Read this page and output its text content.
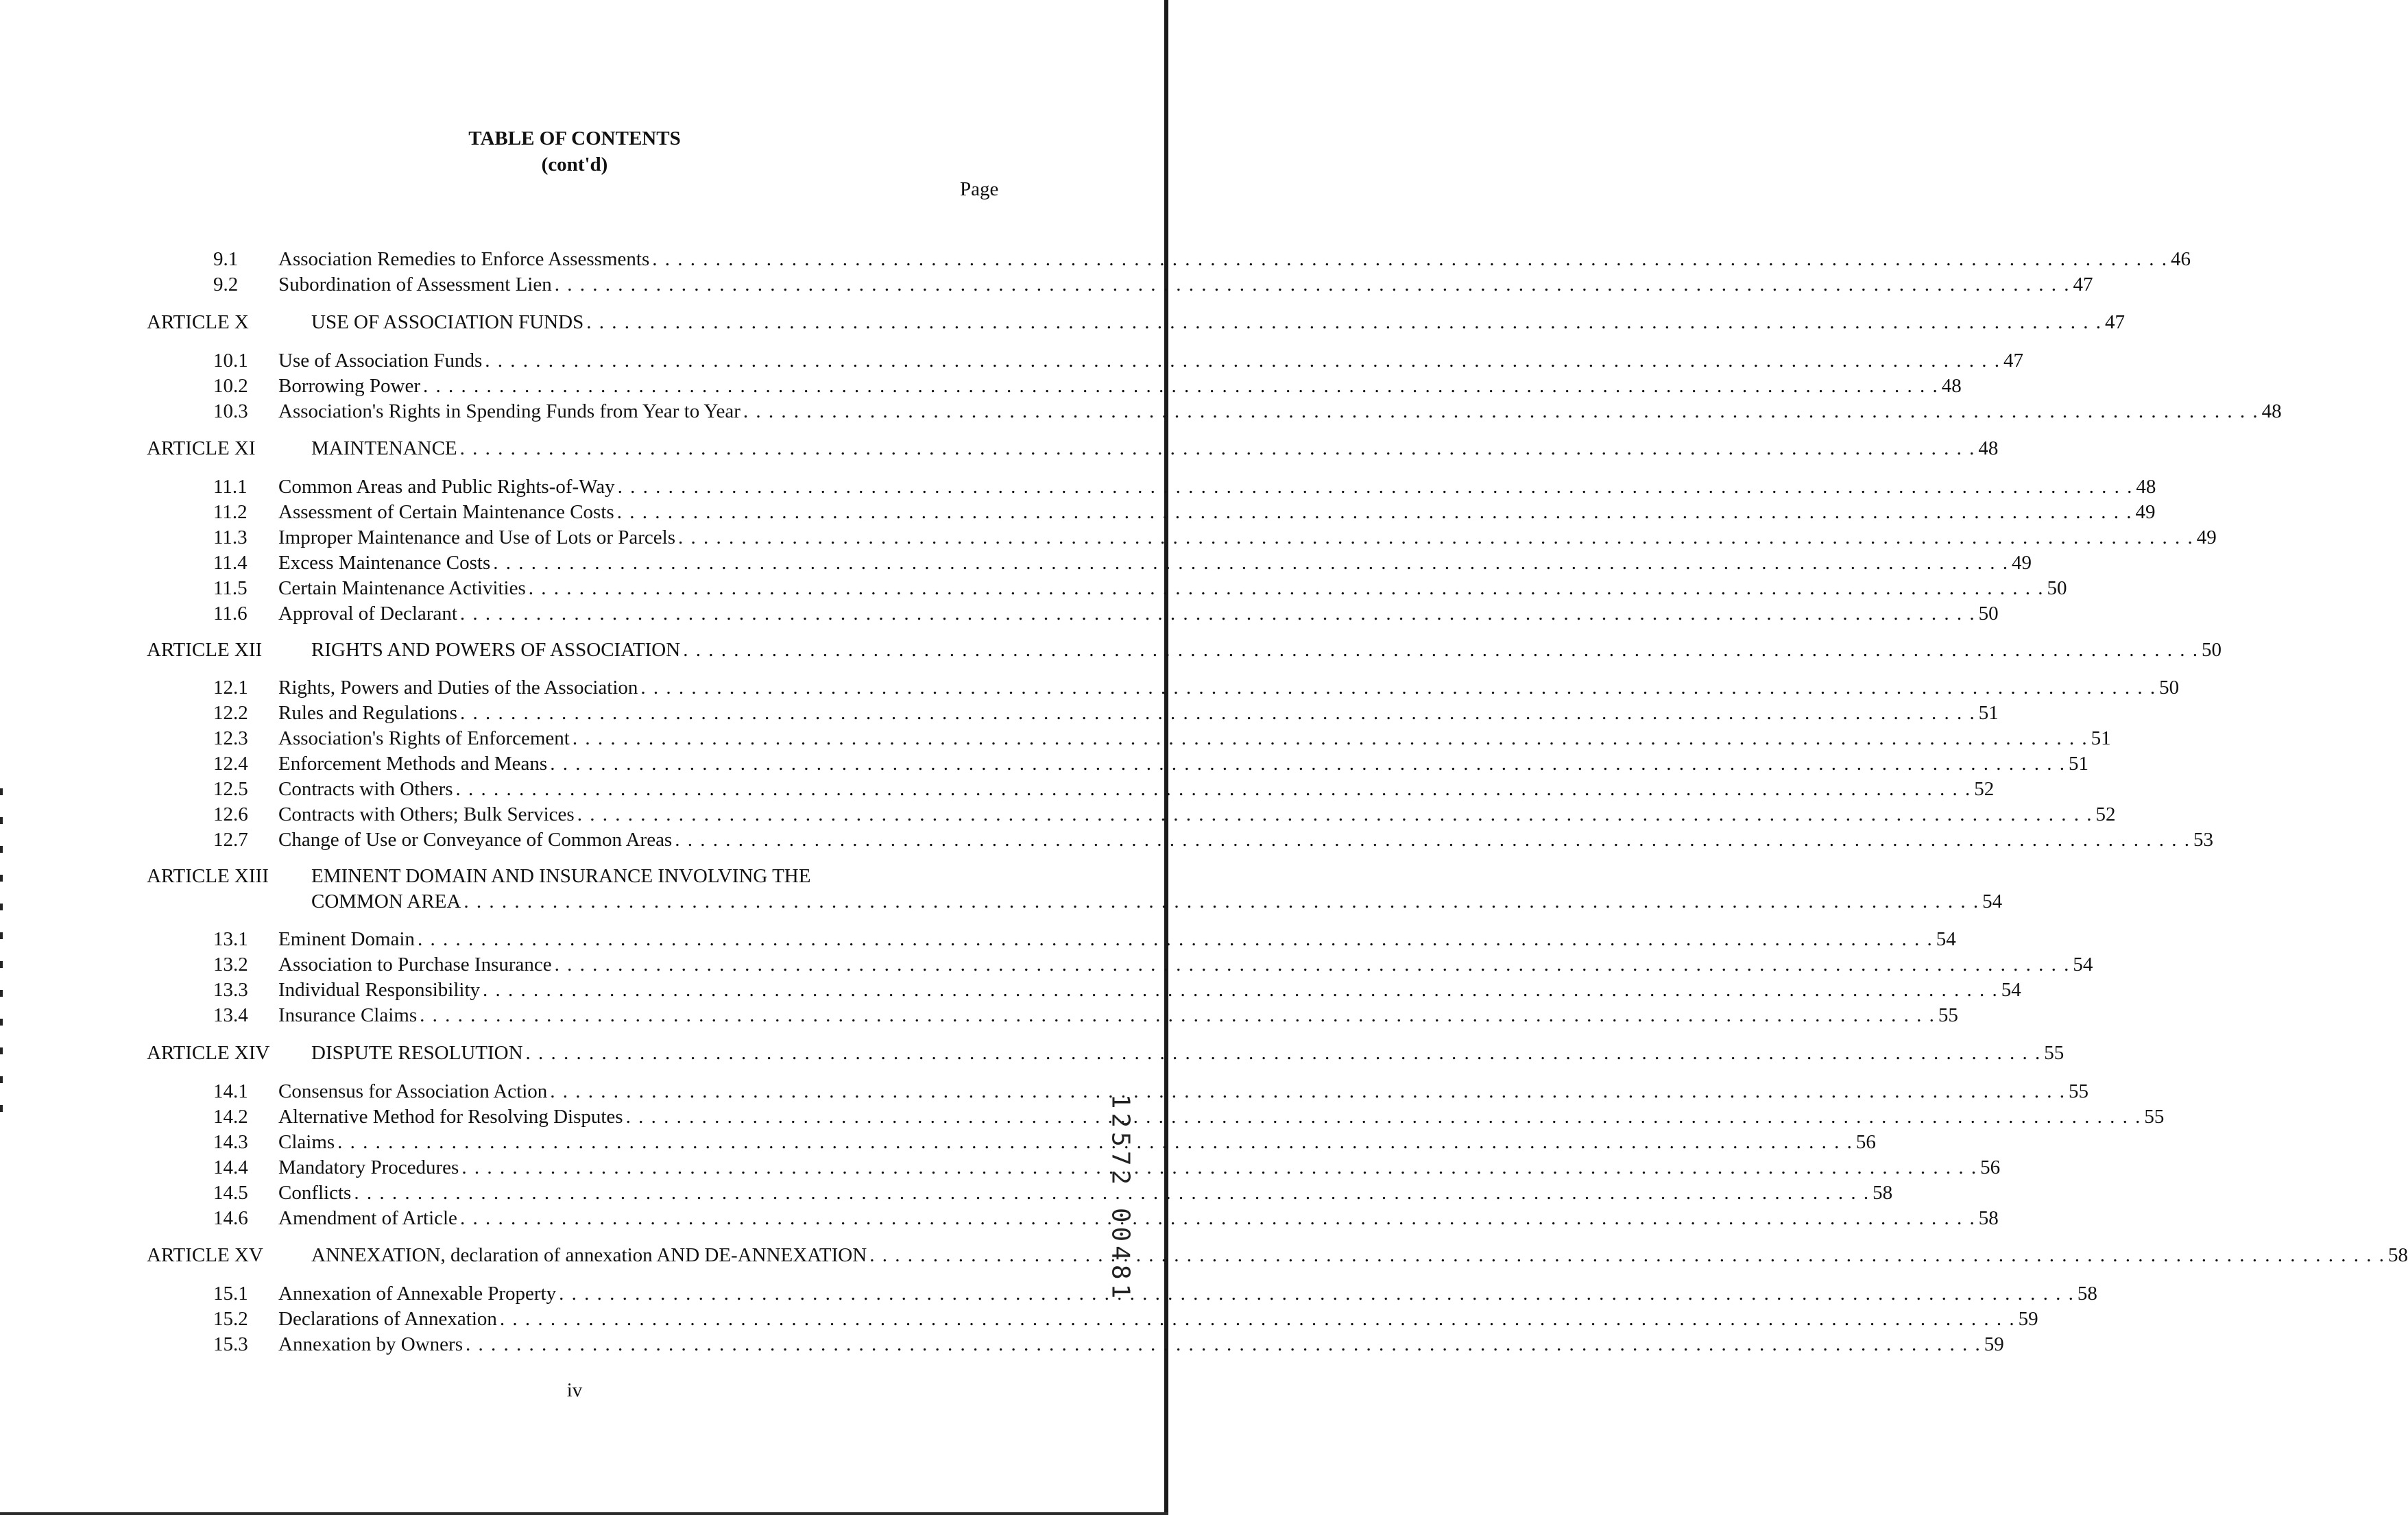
TABLE OF CONTENTS
(cont'd)
Page
9.1 Association Remedies to Enforce Assessments . . . . . . . . . . . . . . . . . . . . . . . . . . . . . . . . . . . . . . . . . . . . . . . . . . . . . . . . . . . . . . . . . . . . . . . . . . . . . . . . . . . . . . . . . . . . . . . . . . . . . . . . . . . . . . . . . . . . . . . . 46
9.2 Subordination of Assessment Lien . . . . . . . . . . . . . . . . . . . . . . . . . . . . . . . . . . . . . . . . . . . . . . . . . . . . . . . . . . . . . . . . . . . . . . . . . . . . . . . . . . . . . . . . . . . . . . . . . . . . . . . . . . . . . . . . . . . . . . . . 47
ARTICLE X	USE OF ASSOCIATION FUNDS . . . . . . . . . . . . . . . . . . . . . . . . . . . . . . . . . . . . . . . . . . . . . . . . . . . . . . . . . . . . . . . . . . . . . . . . . . . . . . . . . . . . . . . . . . . . . . . . . . . . . . . . . . . . . . . . . . . . . . . . 47
10.1 Use of Association Funds . . . . . . . . . . . . . . . . . . . . . . . . . . . . . . . . . . . . . . . . . . . . . . . . . . . . . . . . . . . . . . . . . . . . . . . . . . . . . . . . . . . . . . . . . . . . . . . . . . . . . . . . . . . . . . . . . . . . . . . . 47
10.2 Borrowing Power . . . . . . . . . . . . . . . . . . . . . . . . . . . . . . . . . . . . . . . . . . . . . . . . . . . . . . . . . . . . . . . . . . . . . . . . . . . . . . . . . . . . . . . . . . . . . . . . . . . . . . . . . . . . . . . . . . . . . . . . 48
10.3 Association's Rights in Spending Funds from Year to Year . . . . . . . . . . . . . . . . . . . . . . . . . . . . . . . . . . . . . . . . . . . . . . . . . . . . . . . . . . . . . . . . . . . . . . . . . . . . . . . . . . . . . . . . . . . . . . . . . . . . . . . . . . . . . . . . . . . . . . . . 48
ARTICLE XI	MAINTENANCE . . . . . . . . . . . . . . . . . . . . . . . . . . . . . . . . . . . . . . . . . . . . . . . . . . . . . . . . . . . . . . . . . . . . . . . . . . . . . . . . . . . . . . . . . . . . . . . . . . . . . . . . . . . . . . . . . . . . . . . . 48
11.1 Common Areas and Public Rights-of-Way . . . . . . . . . . . . . . . . . . . . . . . . . . . . . . . . . . . . . . . . . . . . . . . . . . . . . . . . . . . . . . . . . . . . . . . . . . . . . . . . . . . . . . . . . . . . . . . . . . . . . . . . . . . . . . . . . . . . . . . . 48
11.2 Assessment of Certain Maintenance Costs . . . . . . . . . . . . . . . . . . . . . . . . . . . . . . . . . . . . . . . . . . . . . . . . . . . . . . . . . . . . . . . . . . . . . . . . . . . . . . . . . . . . . . . . . . . . . . . . . . . . . . . . . . . . . . . . . . . . . . . . 49
11.3 Improper Maintenance and Use of Lots or Parcels . . . . . . . . . . . . . . . . . . . . . . . . . . . . . . . . . . . . . . . . . . . . . . . . . . . . . . . . . . . . . . . . . . . . . . . . . . . . . . . . . . . . . . . . . . . . . . . . . . . . . . . . . . . . . . . . . . . . . . . . 49
11.4 Excess Maintenance Costs . . . . . . . . . . . . . . . . . . . . . . . . . . . . . . . . . . . . . . . . . . . . . . . . . . . . . . . . . . . . . . . . . . . . . . . . . . . . . . . . . . . . . . . . . . . . . . . . . . . . . . . . . . . . . . . . . . . . . . . . 49
11.5 Certain Maintenance Activities . . . . . . . . . . . . . . . . . . . . . . . . . . . . . . . . . . . . . . . . . . . . . . . . . . . . . . . . . . . . . . . . . . . . . . . . . . . . . . . . . . . . . . . . . . . . . . . . . . . . . . . . . . . . . . . . . . . . . . . . 50
11.6 Approval of Declarant . . . . . . . . . . . . . . . . . . . . . . . . . . . . . . . . . . . . . . . . . . . . . . . . . . . . . . . . . . . . . . . . . . . . . . . . . . . . . . . . . . . . . . . . . . . . . . . . . . . . . . . . . . . . . . . . . . . . . . . . 50
ARTICLE XII RIGHTS AND POWERS OF ASSOCIATION . . . . . . . . . . . . . . . . . . . . . . . . . . . . . . . . . . . . . . . . . . . . . . . . . . . . . . . . . . . . . . . . . . . . . . . . . . . . . . . . . . . . . . . . . . . . . . . . . . . . . . . . . . . . . . . . . . . . . . . . 50
12.1 Rights, Powers and Duties of the Association . . . . . . . . . . . . . . . . . . . . . . . . . . . . . . . . . . . . . . . . . . . . . . . . . . . . . . . . . . . . . . . . . . . . . . . . . . . . . . . . . . . . . . . . . . . . . . . . . . . . . . . . . . . . . . . . . . . . . . . . 50
12.2 Rules and Regulations . . . . . . . . . . . . . . . . . . . . . . . . . . . . . . . . . . . . . . . . . . . . . . . . . . . . . . . . . . . . . . . . . . . . . . . . . . . . . . . . . . . . . . . . . . . . . . . . . . . . . . . . . . . . . . . . . . . . . . . . 51
12.3 Association's Rights of Enforcement . . . . . . . . . . . . . . . . . . . . . . . . . . . . . . . . . . . . . . . . . . . . . . . . . . . . . . . . . . . . . . . . . . . . . . . . . . . . . . . . . . . . . . . . . . . . . . . . . . . . . . . . . . . . . . . . . . . . . . . . 51
12.4 Enforcement Methods and Means . . . . . . . . . . . . . . . . . . . . . . . . . . . . . . . . . . . . . . . . . . . . . . . . . . . . . . . . . . . . . . . . . . . . . . . . . . . . . . . . . . . . . . . . . . . . . . . . . . . . . . . . . . . . . . . . . . . . . . . . 51
12.5 Contracts with Others . . . . . . . . . . . . . . . . . . . . . . . . . . . . . . . . . . . . . . . . . . . . . . . . . . . . . . . . . . . . . . . . . . . . . . . . . . . . . . . . . . . . . . . . . . . . . . . . . . . . . . . . . . . . . . . . . . . . . . . . 52
12.6 Contracts with Others; Bulk Services . . . . . . . . . . . . . . . . . . . . . . . . . . . . . . . . . . . . . . . . . . . . . . . . . . . . . . . . . . . . . . . . . . . . . . . . . . . . . . . . . . . . . . . . . . . . . . . . . . . . . . . . . . . . . . . . . . . . . . . . 52
12.7 Change of Use or Conveyance of Common Areas . . . . . . . . . . . . . . . . . . . . . . . . . . . . . . . . . . . . . . . . . . . . . . . . . . . . . . . . . . . . . . . . . . . . . . . . . . . . . . . . . . . . . . . . . . . . . . . . . . . . . . . . . . . . . . . . . . . . . . . . 53
ARTICLE XIII EMINENT DOMAIN AND INSURANCE INVOLVING THE
COMMON AREA . . . . . . . . . . . . . . . . . . . . . . . . . . . . . . . . . . . . . . . . . . . . . . . . . . . . . . . . . . . . . . . . . . . . . . . . . . . . . . . . . . . . . . . . . . . . . . . . . . . . . . . . . . . . . . . . . . . . . . . . 54
13.1 Eminent Domain . . . . . . . . . . . . . . . . . . . . . . . . . . . . . . . . . . . . . . . . . . . . . . . . . . . . . . . . . . . . . . . . . . . . . . . . . . . . . . . . . . . . . . . . . . . . . . . . . . . . . . . . . . . . . . . . . . . . . . . . 54
13.2 Association to Purchase Insurance . . . . . . . . . . . . . . . . . . . . . . . . . . . . . . . . . . . . . . . . . . . . . . . . . . . . . . . . . . . . . . . . . . . . . . . . . . . . . . . . . . . . . . . . . . . . . . . . . . . . . . . . . . . . . . . . . . . . . . . . 54
13.3 Individual Responsibility . . . . . . . . . . . . . . . . . . . . . . . . . . . . . . . . . . . . . . . . . . . . . . . . . . . . . . . . . . . . . . . . . . . . . . . . . . . . . . . . . . . . . . . . . . . . . . . . . . . . . . . . . . . . . . . . . . . . . . . . 54
13.4 Insurance Claims . . . . . . . . . . . . . . . . . . . . . . . . . . . . . . . . . . . . . . . . . . . . . . . . . . . . . . . . . . . . . . . . . . . . . . . . . . . . . . . . . . . . . . . . . . . . . . . . . . . . . . . . . . . . . . . . . . . . . . . . 55
ARTICLE XIV DISPUTE RESOLUTION . . . . . . . . . . . . . . . . . . . . . . . . . . . . . . . . . . . . . . . . . . . . . . . . . . . . . . . . . . . . . . . . . . . . . . . . . . . . . . . . . . . . . . . . . . . . . . . . . . . . . . . . . . . . . . . . . . . . . . . . 55
14.1 Consensus for Association Action . . . . . . . . . . . . . . . . . . . . . . . . . . . . . . . . . . . . . . . . . . . . . . . . . . . . . . . . . . . . . . . . . . . . . . . . . . . . . . . . . . . . . . . . . . . . . . . . . . . . . . . . . . . . . . . . . . . . . . . . 55
14.2 Alternative Method for Resolving Disputes . . . . . . . . . . . . . . . . . . . . . . . . . . . . . . . . . . . . . . . . . . . . . . . . . . . . . . . . . . . . . . . . . . . . . . . . . . . . . . . . . . . . . . . . . . . . . . . . . . . . . . . . . . . . . . . . . . . . . . . . 55
14.3 Claims . . . . . . . . . . . . . . . . . . . . . . . . . . . . . . . . . . . . . . . . . . . . . . . . . . . . . . . . . . . . . . . . . . . . . . . . . . . . . . . . . . . . . . . . . . . . . . . . . . . . . . . . . . . . . . . . . . . . . . . . 56
14.4 Mandatory Procedures . . . . . . . . . . . . . . . . . . . . . . . . . . . . . . . . . . . . . . . . . . . . . . . . . . . . . . . . . . . . . . . . . . . . . . . . . . . . . . . . . . . . . . . . . . . . . . . . . . . . . . . . . . . . . . . . . . . . . . . . 56
14.5 Conflicts . . . . . . . . . . . . . . . . . . . . . . . . . . . . . . . . . . . . . . . . . . . . . . . . . . . . . . . . . . . . . . . . . . . . . . . . . . . . . . . . . . . . . . . . . . . . . . . . . . . . . . . . . . . . . . . . . . . . . . . . 58
14.6 Amendment of Article . . . . . . . . . . . . . . . . . . . . . . . . . . . . . . . . . . . . . . . . . . . . . . . . . . . . . . . . . . . . . . . . . . . . . . . . . . . . . . . . . . . . . . . . . . . . . . . . . . . . . . . . . . . . . . . . . . . . . . . . 58
ARTICLE XV ANNEXATION, declaration of annexation AND DE-ANNEXATION . . . . . . . . . . . . . . . . . . . . . . . . . . . . . . . . . . . . . . . . . . . . . . . . . . . . . . . . . . . . . . . . . . . . . . . . . . . . . . . . . . . . . . . . . . . . . . . . . . . . . . . . . . . . . . . . . . . . . . . . 58
15.1 Annexation of Annexable Property . . . . . . . . . . . . . . . . . . . . . . . . . . . . . . . . . . . . . . . . . . . . . . . . . . . . . . . . . . . . . . . . . . . . . . . . . . . . . . . . . . . . . . . . . . . . . . . . . . . . . . . . . . . . . . . . . . . . . . . . 58
15.2 Declarations of Annexation . . . . . . . . . . . . . . . . . . . . . . . . . . . . . . . . . . . . . . . . . . . . . . . . . . . . . . . . . . . . . . . . . . . . . . . . . . . . . . . . . . . . . . . . . . . . . . . . . . . . . . . . . . . . . . . . . . . . . . . . 59
15.3 Annexation by Owners . . . . . . . . . . . . . . . . . . . . . . . . . . . . . . . . . . . . . . . . . . . . . . . . . . . . . . . . . . . . . . . . . . . . . . . . . . . . . . . . . . . . . . . . . . . . . . . . . . . . . . . . . . . . . . . . . . . . . . . . 59
iv
12572 00481
